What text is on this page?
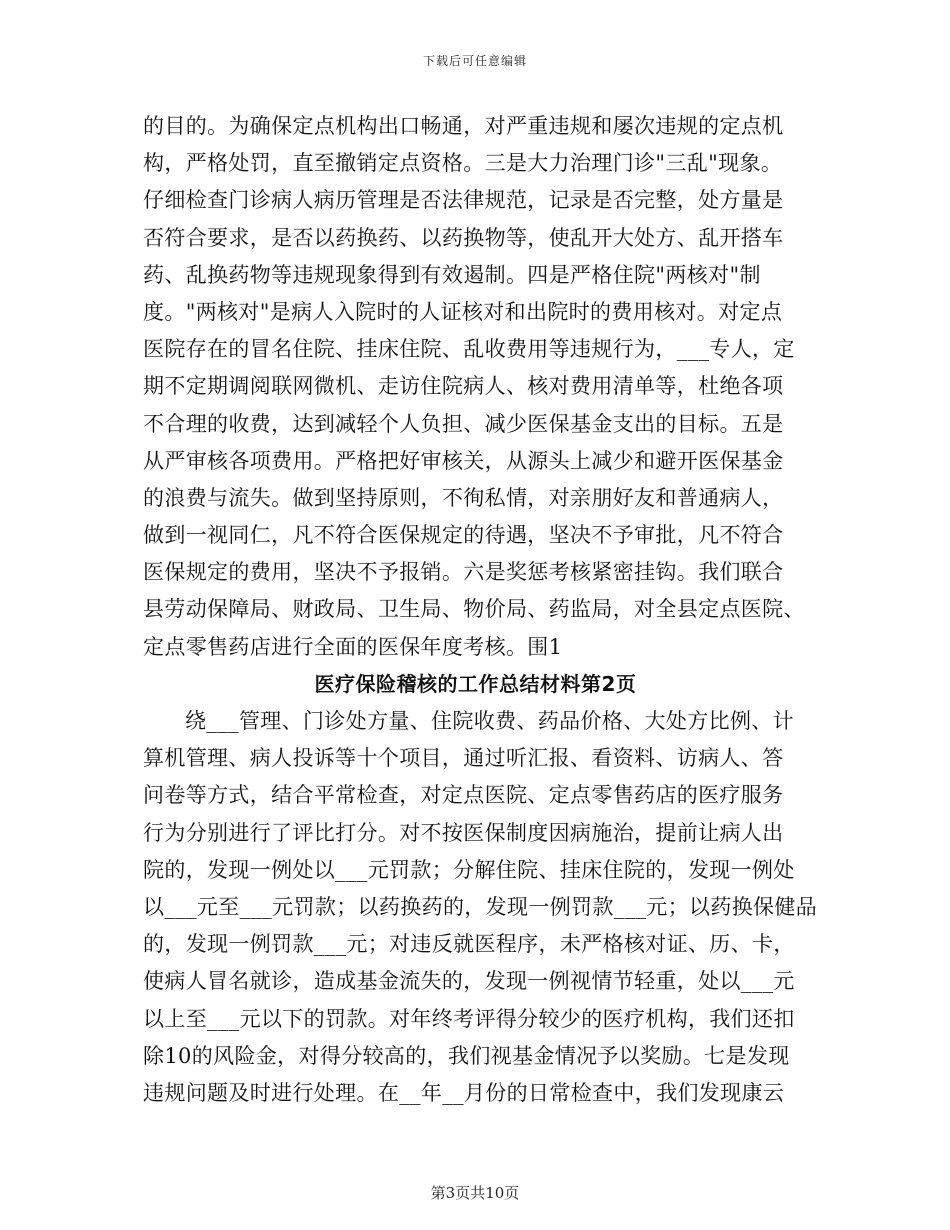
下载后可任意编辑
的目的。为确保定点机构出口畅通，对严重违规和屡次违规的定点机
构，严格处罚，直至撤销定点资格。三是大力治理门诊"三乱"现象。
仔细检查门诊病人病历管理是否法律规范，记录是否完整，处方量是
否符合要求，是否以药换药、以药换物等，使乱开大处方、乱开搭车
药、乱换药物等违规现象得到有效遏制。四是严格住院"两核对"制
度。"两核对"是病人入院时的人证核对和出院时的费用核对。对定点
医院存在的冒名住院、挂床住院、乱收费用等违规行为，___专人，定
期不定期调阅联网微机、走访住院病人、核对费用清单等，杜绝各项
不合理的收费，达到减轻个人负担、减少医保基金支出的目标。五是
从严审核各项费用。严格把好审核关，从源头上减少和避开医保基金
的浪费与流失。做到坚持原则，不徇私情，对亲朋好友和普通病人，
做到一视同仁，凡不符合医保规定的待遇，坚决不予审批，凡不符合
医保规定的费用，坚决不予报销。六是奖惩考核紧密挂钩。我们联合
县劳动保障局、财政局、卫生局、物价局、药监局，对全县定点医院、
定点零售药店进行全面的医保年度考核。围1
医疗保险稽核的工作总结材料第2页
绕___管理、门诊处方量、住院收费、药品价格、大处方比例、计
算机管理、病人投诉等十个项目，通过听汇报、看资料、访病人、答
问卷等方式，结合平常检查，对定点医院、定点零售药店的医疗服务
行为分别进行了评比打分。对不按医保制度因病施治，提前让病人出
院的，发现一例处以___元罚款；分解住院、挂床住院的，发现一例处
以___元至___元罚款；以药换药的，发现一例罚款___元；以药换保健品
的，发现一例罚款___元；对违反就医程序，未严格核对证、历、卡，
使病人冒名就诊，造成基金流失的，发现一例视情节轻重，处以___元
以上至___元以下的罚款。对年终考评得分较少的医疗机构，我们还扣
除10的风险金，对得分较高的，我们视基金情况予以奖励。七是发现
违规问题及时进行处理。在__年__月份的日常检查中，我们发现康云
第3页共10页
